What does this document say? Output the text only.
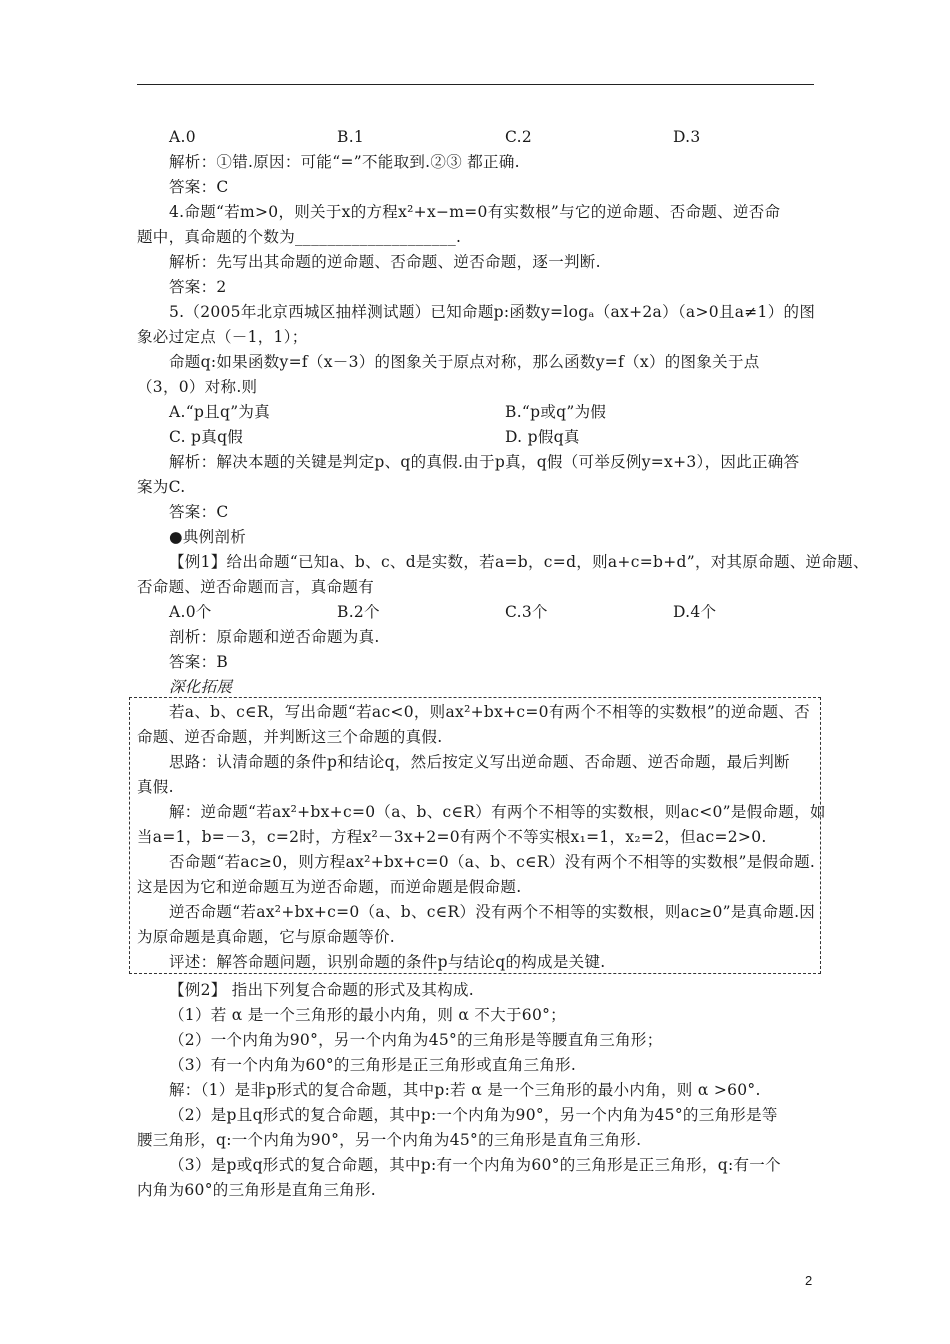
A.0	B.1	C.2	D.3
解析：①错.原因：可能“=”不能取到.②③ 都正确.
答案：C
4.命题“若m>0，则关于x的方程x²+x−m=0有实数根”与它的逆命题、否命题、逆否命
题中，真命题的个数为____________________.
解析：先写出其命题的逆命题、否命题、逆否命题，逐一判断.
答案：2
5.（2005年北京西城区抽样测试题）已知命题p:函数y=logₐ（ax+2a）（a>0且a≠1）的图
象必过定点（－1，1）；
命题q:如果函数y=f（x－3）的图象关于原点对称，那么函数y=f（x）的图象关于点
（3，0）对称.则
A.“p且q”为真	B.“p或q”为假
C. p真q假	D. p假q真
解析：解决本题的关键是判定p、q的真假.由于p真，q假（可举反例y=x+3），因此正确答
案为C.
答案：C
●典例剖析
【例1】给出命题“已知a、b、c、d是实数，若a=b，c=d，则a+c=b+d”，对其原命题、逆命题、
否命题、逆否命题而言，真命题有
A.0个	B.2个	C.3个	D.4个
剖析：原命题和逆否命题为真.
答案：B
深化拓展
若a、b、c∈R，写出命题“若ac<0，则ax²+bx+c=0有两个不相等的实数根”的逆命题、否
命题、逆否命题，并判断这三个命题的真假.
思路：认清命题的条件p和结论q，然后按定义写出逆命题、否命题、逆否命题，最后判断
真假.
解：逆命题“若ax²+bx+c=0（a、b、c∈R）有两个不相等的实数根，则ac<0”是假命题，如
当a=1，b=－3，c=2时，方程x²－3x+2=0有两个不等实根x₁=1，x₂=2，但ac=2>0.
否命题“若ac≥0，则方程ax²+bx+c=0（a、b、c∈R）没有两个不相等的实数根”是假命题.
这是因为它和逆命题互为逆否命题，而逆命题是假命题.
逆否命题“若ax²+bx+c=0（a、b、c∈R）没有两个不相等的实数根，则ac≥0”是真命题.因
为原命题是真命题，它与原命题等价.
评述：解答命题问题，识别命题的条件p与结论q的构成是关键.
【例2】 指出下列复合命题的形式及其构成.
（1）若 α 是一个三角形的最小内角，则 α 不大于60°；
（2）一个内角为90°，另一个内角为45°的三角形是等腰直角三角形；
（3）有一个内角为60°的三角形是正三角形或直角三角形.
解：（1）是非p形式的复合命题，其中p:若 α 是一个三角形的最小内角，则 α >60°.
（2）是p且q形式的复合命题，其中p:一个内角为90°，另一个内角为45°的三角形是等
腰三角形，q:一个内角为90°，另一个内角为45°的三角形是直角三角形.
（3）是p或q形式的复合命题，其中p:有一个内角为60°的三角形是正三角形，q:有一个
内角为60°的三角形是直角三角形.
2
